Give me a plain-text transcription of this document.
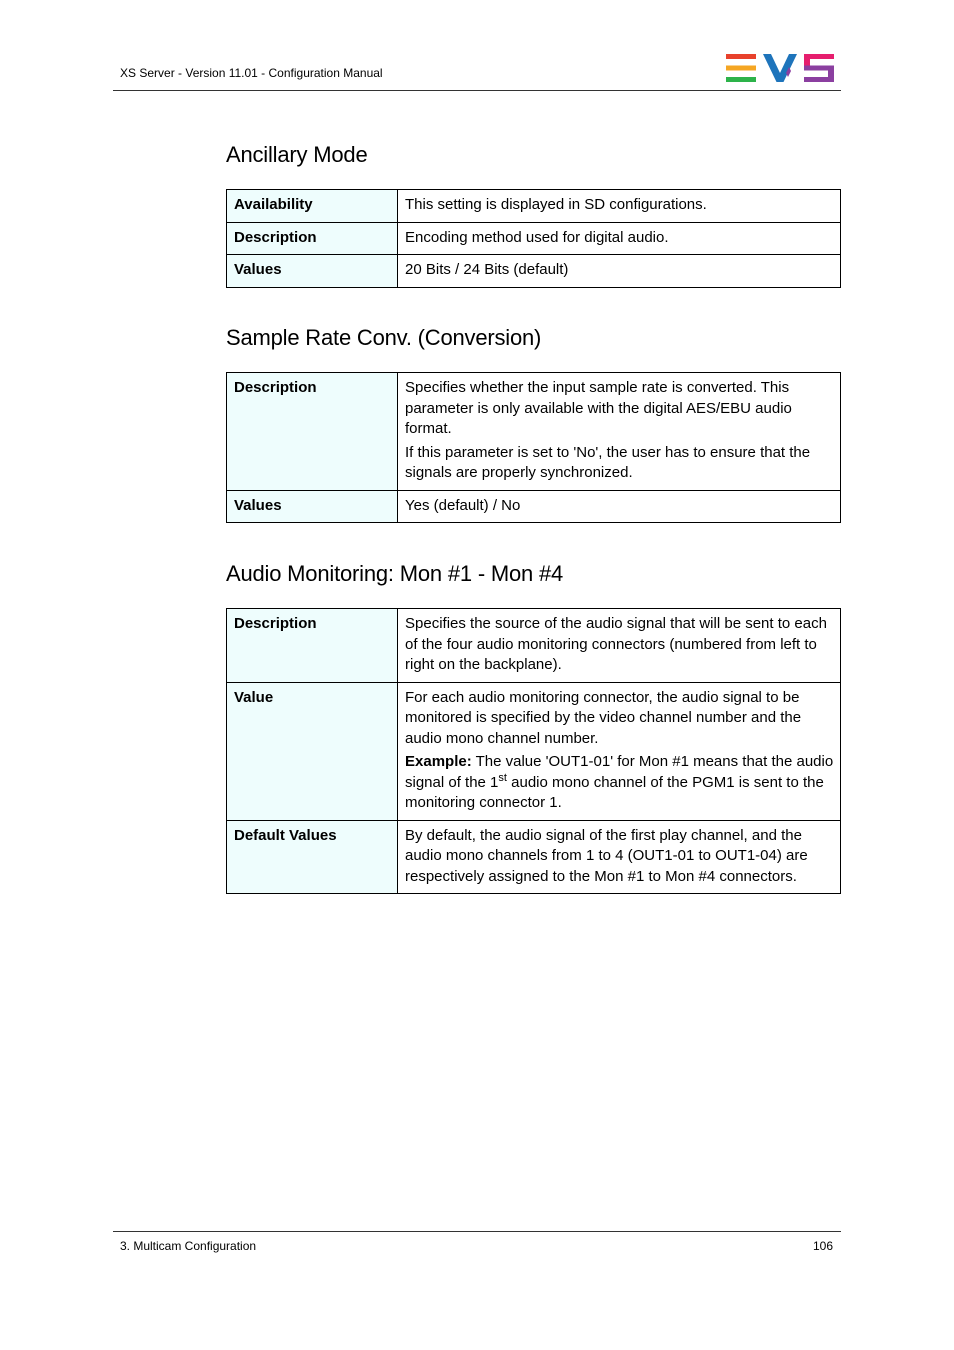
XS Server - Version 11.01 - Configuration Manual
Ancillary Mode
Availability	This setting is displayed in SD configurations.
Description	Encoding method used for digital audio.
Values	20 Bits / 24 Bits (default)
Sample Rate Conv. (Conversion)
Description	Specifies whether the input sample rate is converted. This parameter is only available with the digital AES/EBU audio format.

If this parameter is set to 'No', the user has to ensure that the signals are properly synchronized.

Values	Yes (default) / No
Audio Monitoring: Mon #1 - Mon #4
Description	Specifies the source of the audio signal that will be sent to each of the four audio monitoring connectors (numbered from left to right on the backplane).
Value	For each audio monitoring connector, the audio signal to be monitored is specified by the video channel number and the audio mono channel number.

Example: The value 'OUT1-01' for Mon #1 means that the audio signal of the 1st audio mono channel of the PGM1 is sent to the monitoring connector 1.

Default Values	By default, the audio signal of the first play channel, and the audio mono channels from 1 to 4 (OUT1-01 to OUT1-04) are respectively assigned to the Mon #1 to Mon #4 connectors.
3. Multicam Configuration	106
